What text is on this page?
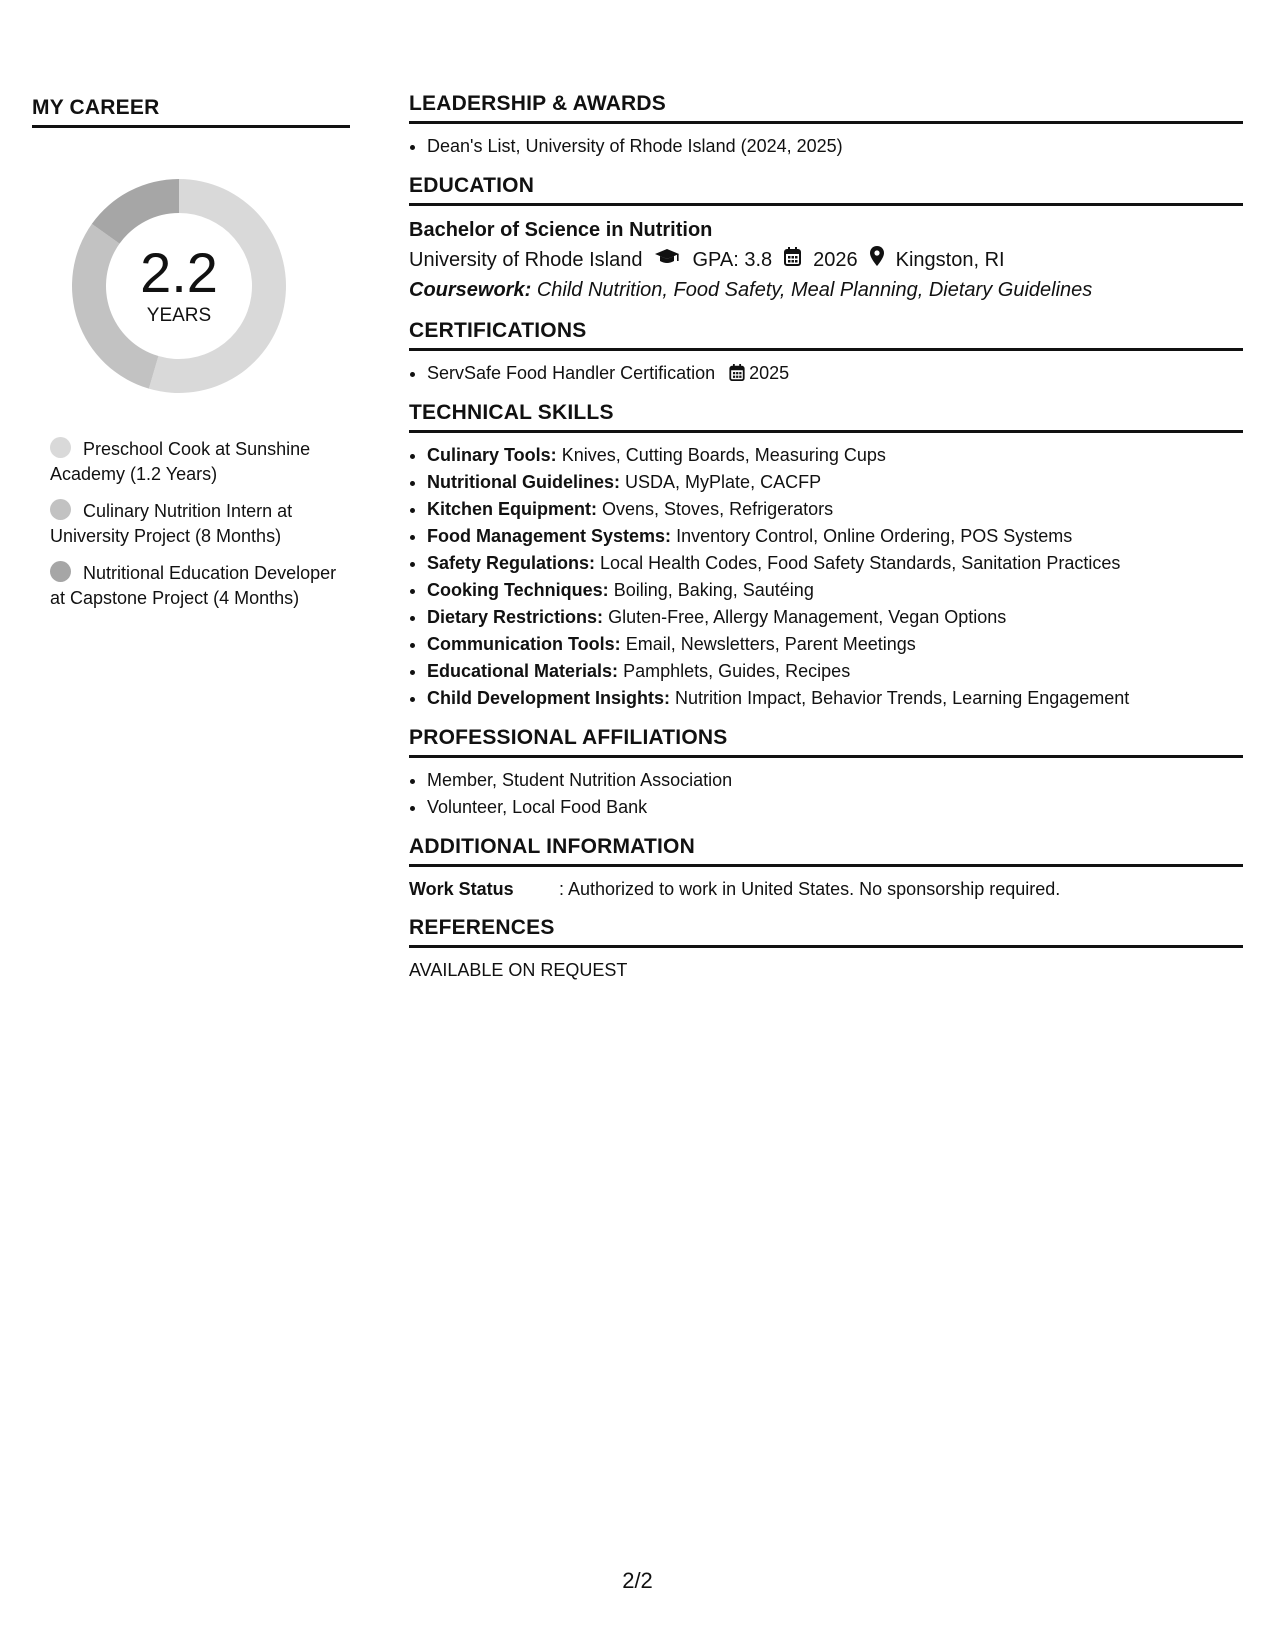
MY CAREER
2.2
YEARS
Preschool Cook at Sunshine Academy (1.2 Years)
Culinary Nutrition Intern at University Project (8 Months)
Nutritional Education Developer at Capstone Project (4 Months)
LEADERSHIP & AWARDS
• Dean's List, University of Rhode Island (2024, 2025)
EDUCATION
Bachelor of Science in Nutrition
University of Rhode Island	GPA: 3.8 2026 Kingston, RI
Coursework: Child Nutrition, Food Safety, Meal Planning, Dietary Guidelines
CERTIFICATIONS
• ServSafe Food Handler Certification 2025
TECHNICAL SKILLS
• Culinary Tools: Knives, Cutting Boards, Measuring Cups
• Nutritional Guidelines: USDA, MyPlate, CACFP
• Kitchen Equipment: Ovens, Stoves, Refrigerators
• Food Management Systems: Inventory Control, Online Ordering, POS Systems
• Safety Regulations: Local Health Codes, Food Safety Standards, Sanitation Practices
• Cooking Techniques: Boiling, Baking, Sautéing
• Dietary Restrictions: Gluten-Free, Allergy Management, Vegan Options
• Communication Tools: Email, Newsletters, Parent Meetings
• Educational Materials: Pamphlets, Guides, Recipes
• Child Development Insights: Nutrition Impact, Behavior Trends, Learning Engagement
PROFESSIONAL AFFILIATIONS
• Member, Student Nutrition Association
• Volunteer, Local Food Bank
ADDITIONAL INFORMATION
Work Status	: Authorized to work in United States. No sponsorship required.
REFERENCES
AVAILABLE ON REQUEST
2/2
